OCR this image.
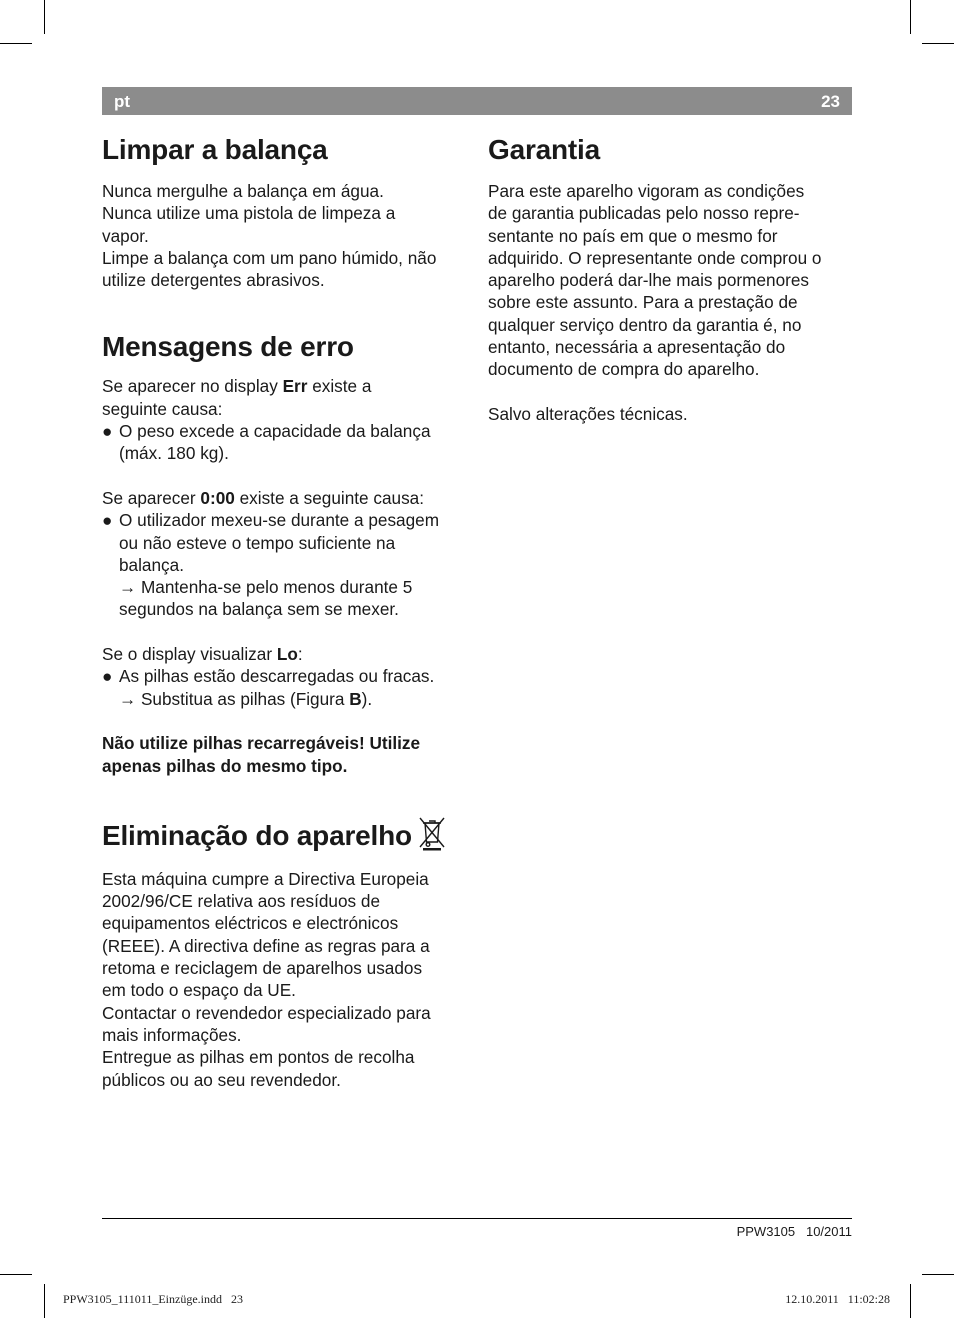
pt	23
Limpar a balança

Nunca mergulhe a balança em água.

Nunca utilize uma pistola de limpeza a

vapor.

Limpe a balança com um pano húmido, não

utilize detergentes abrasivos.

Mensagens de erro

Se aparecer no display Err existe a

seguinte causa:

● O peso excede a capacidade da balança

(máx. 180 kg).

Se aparecer 0:00 existe a seguinte causa:

● O utilizador mexeu-se durante a pesagem

ou não esteve o tempo suficiente na

balança.

→ Mantenha-se pelo menos durante 5

segundos na balança sem se mexer.

Se o display visualizar Lo:

● As pilhas estão descarregadas ou fracas.

→ Substitua as pilhas (Figura B).

Não utilize pilhas recarregáveis! Utilize

apenas pilhas do mesmo tipo.

Eliminação do aparelho

Esta máquina cumpre a Directiva Europeia

2002/96/CE relativa aos resíduos de

equipamentos eléctricos e electrónicos

(REEE). A directiva define as regras para a

retoma e reciclagem de aparelhos usados

em todo o espaço da UE.

Contactar o revendedor especializado para

mais informações.

Entregue as pilhas em pontos de recolha

públicos ou ao seu revendedor.

Garantia

Para este aparelho vigoram as condições

de garantia publicadas pelo nosso repre-

sentante no país em que o mesmo for

adquirido. O representante onde comprou o

aparelho poderá dar-lhe mais pormenores

sobre este assunto. Para a prestação de

qualquer serviço dentro da garantia é, no

entanto, necessária a apresentação do

documento de compra do aparelho.

Salvo alterações técnicas.

PPW3105   10/2011
PPW3105_111011_Einzüge.indd   23	12.10.2011   11:02:28
